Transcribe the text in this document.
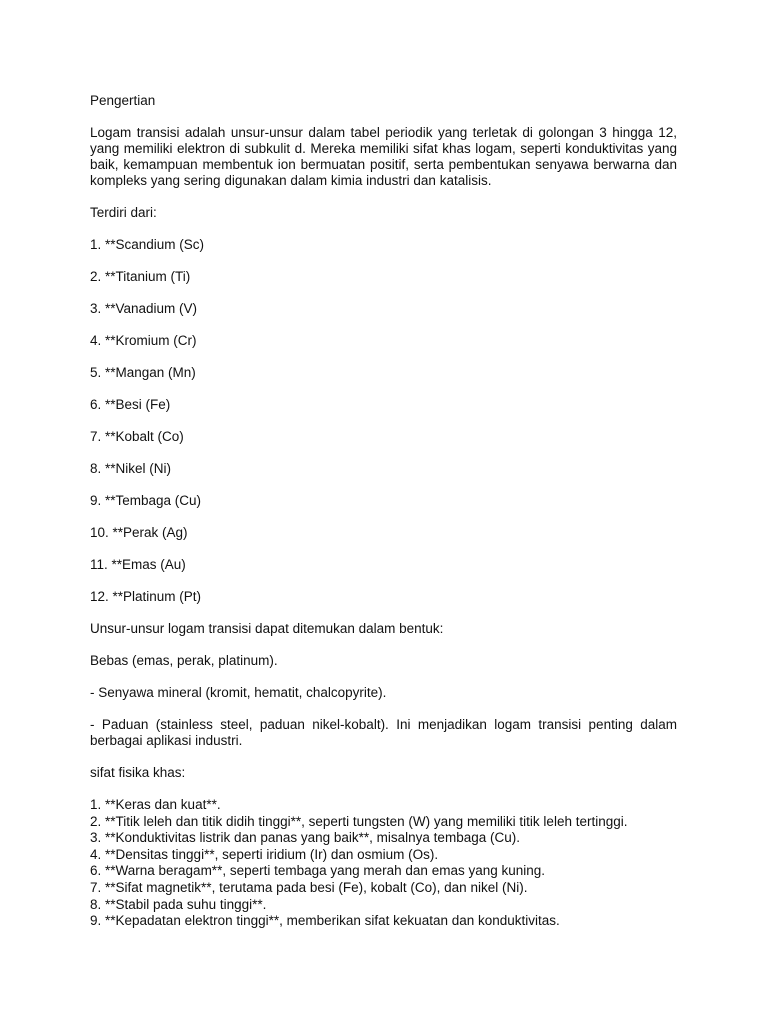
Pengertian

Logam transisi adalah unsur-unsur dalam tabel periodik yang terletak di golongan 3 hingga 12, yang memiliki elektron di subkulit d. Mereka memiliki sifat khas logam, seperti konduktivitas yang baik, kemampuan membentuk ion bermuatan positif, serta pembentukan senyawa berwarna dan kompleks yang sering digunakan dalam kimia industri dan katalisis.

Terdiri dari:

1. **Scandium (Sc)

2. **Titanium (Ti)

3. **Vanadium (V)

4. **Kromium (Cr)

5. **Mangan (Mn)

6. **Besi (Fe)

7. **Kobalt (Co)

8. **Nikel (Ni)

9. **Tembaga (Cu)

10. **Perak (Ag)

11. **Emas (Au)

12. **Platinum (Pt)

Unsur-unsur logam transisi dapat ditemukan dalam bentuk:

Bebas (emas, perak, platinum).

- Senyawa mineral (kromit, hematit, chalcopyrite).

- Paduan (stainless steel, paduan nikel-kobalt). Ini menjadikan logam transisi penting dalam berbagai aplikasi industri.

sifat fisika khas:

1. **Keras dan kuat**.

2. **Titik leleh dan titik didih tinggi**, seperti tungsten (W) yang memiliki titik leleh tertinggi.

3. **Konduktivitas listrik dan panas yang baik**, misalnya tembaga (Cu).

4. **Densitas tinggi**, seperti iridium (Ir) dan osmium (Os).

6. **Warna beragam**, seperti tembaga yang merah dan emas yang kuning.

7. **Sifat magnetik**, terutama pada besi (Fe), kobalt (Co), dan nikel (Ni).

8. **Stabil pada suhu tinggi**.

9. **Kepadatan elektron tinggi**, memberikan sifat kekuatan dan konduktivitas.
